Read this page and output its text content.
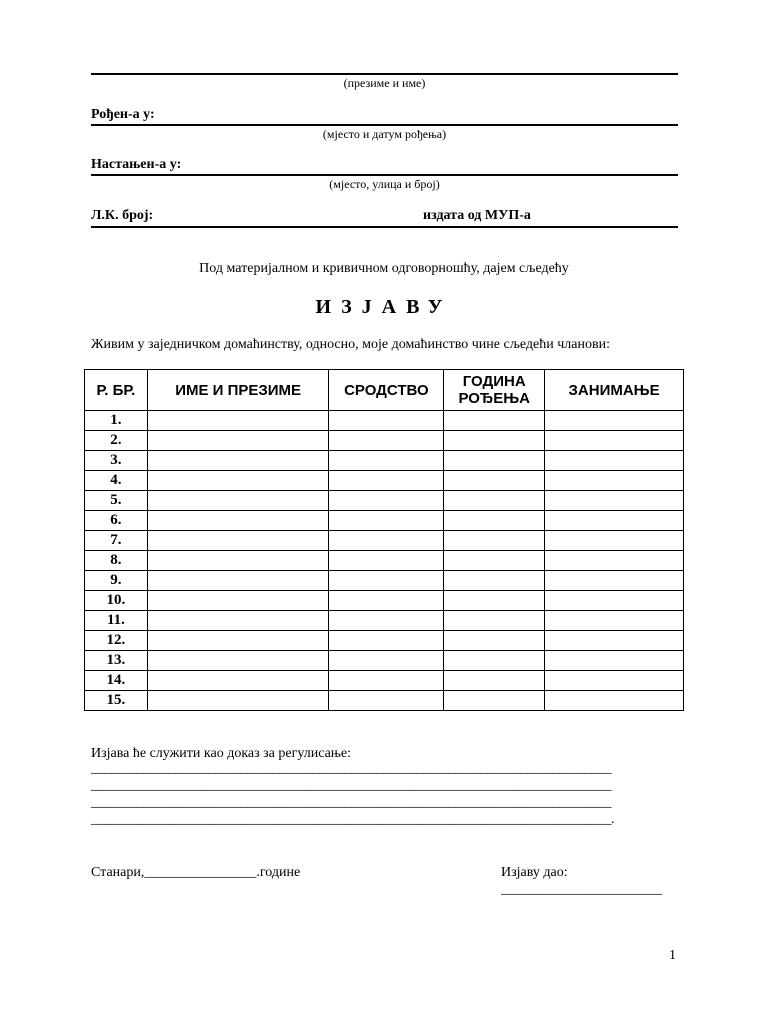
(презиме и име)
Рођен-а у:
(мјесто и датум рођења)
Настањен-а у:
(мјесто, улица и број)
Л.К. број:	издата од МУП-а
Под материјалном и кривичном одговорношћу, дајем сљедећу
ИЗЈАВУ
Живим у заједничком домаћинству, односно, моје домаћинство чине сљедећи чланови:
Р. БР.	ИМЕ И ПРЕЗИМЕ	СРОДСТВО	ГОДИНА РОЂЕЊА	ЗАНИМАЊЕ
1.				
2.				
3.				
4.				
5.				
6.				
7.				
8.				
9.				
10.				
11.				
12.				
13.				
14.				
15.				
Изјава ће служити као доказ за регулисање:
________________________________________________________________________________
________________________________________________________________________________
________________________________________________________________________________
________________________________________________________________________________.
Станари,________________.године	Изјаву дао:
_______________________
1
